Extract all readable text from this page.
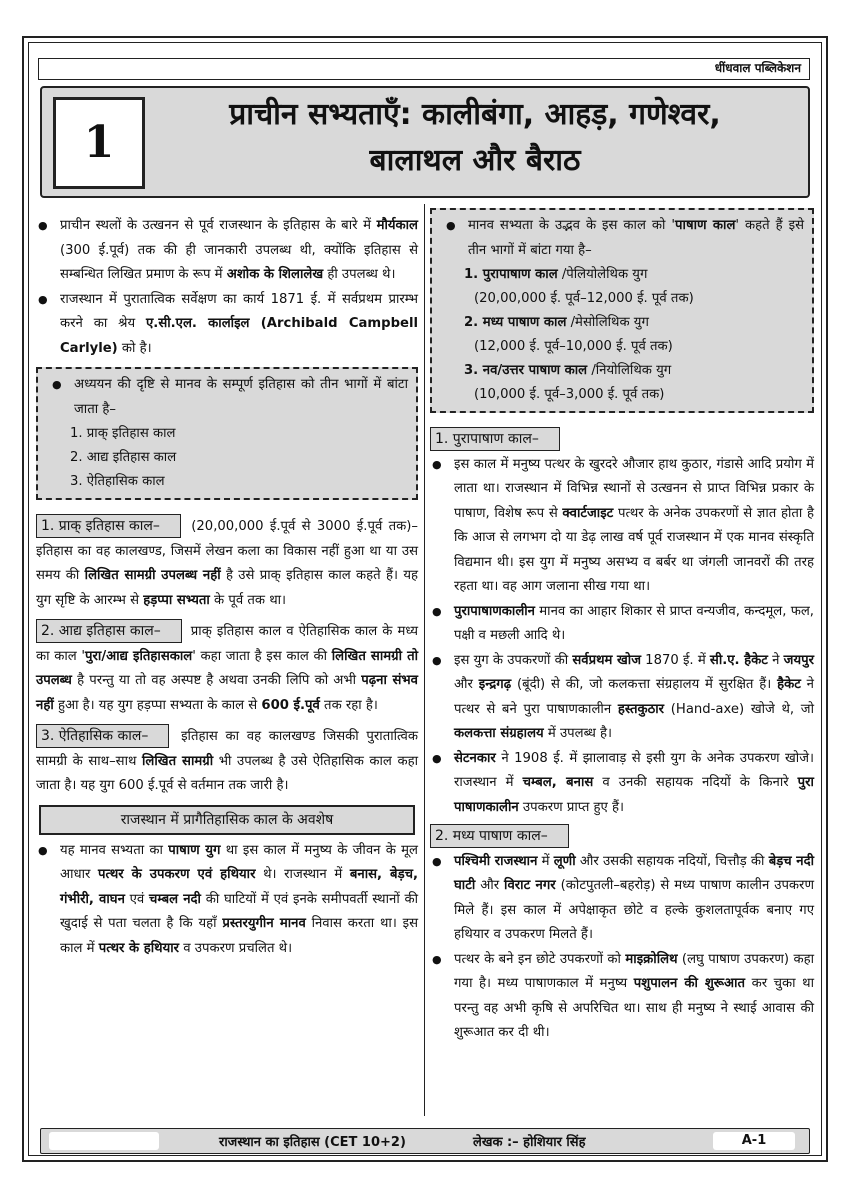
धींधवाल पब्लिकेशन
1
प्राचीन सभ्यताएँ: कालीबंगा, आहड़, गणेश्वर,
बालाथल और बैराठ
● प्राचीन स्थलों के उत्खनन से पूर्व राजस्थान के इतिहास के बारे में मौर्यकाल (300 ई.पूर्व) तक की ही जानकारी उपलब्ध थी, क्योंकि इतिहास से सम्बन्धित लिखित प्रमाण के रूप में अशोक के शिलालेख ही उपलब्ध थे।
● राजस्थान में पुरातात्विक सर्वेक्षण का कार्य 1871 ई. में सर्वप्रथम प्रारम्भ करने का श्रेय ए.सी.एल. कार्लाइल (Archibald Campbell Carlyle) को है।
● अध्ययन की दृष्टि से मानव के सम्पूर्ण इतिहास को तीन भागों में बांटा जाता है–
1. प्राक् इतिहास काल
2. आद्य इतिहास काल
3. ऐतिहासिक काल
1. प्राक् इतिहास काल– (20,00,000 ई.पूर्व से 3000 ई.पूर्व तक)– इतिहास का वह कालखण्ड, जिसमें लेखन कला का विकास नहीं हुआ था या उस समय की लिखित सामग्री उपलब्ध नहीं है उसे प्राक् इतिहास काल कहते हैं। यह युग सृष्टि के आरम्भ से हड़प्पा सभ्यता के पूर्व तक था।
2. आद्य इतिहास काल– प्राक् इतिहास काल व ऐतिहासिक काल के मध्य का काल 'पुरा/आद्य इतिहासकाल' कहा जाता है इस काल की लिखित सामग्री तो उपलब्ध है परन्तु या तो वह अस्पष्ट है अथवा उनकी लिपि को अभी पढ़ना संभव नहीं हुआ है। यह युग हड़प्पा सभ्यता के काल से 600 ई.पूर्व तक रहा है।
3. ऐतिहासिक काल– इतिहास का वह कालखण्ड जिसकी पुरातात्विक सामग्री के साथ–साथ लिखित सामग्री भी उपलब्ध है उसे ऐतिहासिक काल कहा जाता है। यह युग 600 ई.पूर्व से वर्तमान तक जारी है।
राजस्थान में प्रागैतिहासिक काल के अवशेष
● यह मानव सभ्यता का पाषाण युग था इस काल में मनुष्य के जीवन के मूल आधार पत्थर के उपकरण एवं हथियार थे। राजस्थान में बनास, बेड़च, गंभीरी, वाघन एवं चम्बल नदी की घाटियों में एवं इनके समीपवर्ती स्थानों की खुदाई से पता चलता है कि यहाँ प्रस्तरयुगीन मानव निवास करता था। इस काल में पत्थर के हथियार व उपकरण प्रचलित थे।
● मानव सभ्यता के उद्भव के इस काल को 'पाषाण काल' कहते हैं इसे तीन भागों में बांटा गया है–
1. पुरापाषाण काल /पेलियोलेथिक युग
(20,00,000 ई. पूर्व–12,000 ई. पूर्व तक)
2. मध्य पाषाण काल /मेसोलिथिक युग
(12,000 ई. पूर्व–10,000 ई. पूर्व तक)
3. नव/उत्तर पाषाण काल /नियोलिथिक युग
(10,000 ई. पूर्व–3,000 ई. पूर्व तक)
1. पुरापाषाण काल–
● इस काल में मनुष्य पत्थर के खुरदरे औजार हाथ कुठार, गंडासे आदि प्रयोग में लाता था। राजस्थान में विभिन्न स्थानों से उत्खनन से प्राप्त विभिन्न प्रकार के पाषाण, विशेष रूप से क्वार्टजाइट पत्थर के अनेक उपकरणों से ज्ञात होता है कि आज से लगभग दो या डेढ़ लाख वर्ष पूर्व राजस्थान में एक मानव संस्कृति विद्यमान थी। इस युग में मनुष्य असभ्य व बर्बर था जंगली जानवरों की तरह रहता था। वह आग जलाना सीख गया था।
● पुरापाषाणकालीन मानव का आहार शिकार से प्राप्त वन्यजीव, कन्दमूल, फल, पक्षी व मछली आदि थे।
● इस युग के उपकरणों की सर्वप्रथम खोज 1870 ई. में सी.ए. हैकेट ने जयपुर और इन्द्रगढ़ (बूंदी) से की, जो कलकत्ता संग्रहालय में सुरक्षित हैं। हैकेट ने पत्थर से बने पुरा पाषाणकालीन हस्तकुठार (Hand-axe) खोजे थे, जो कलकत्ता संग्रहालय में उपलब्ध है।
● सेटनकार ने 1908 ई. में झालावाड़ से इसी युग के अनेक उपकरण खोजे। राजस्थान में चम्बल, बनास व उनकी सहायक नदियों के किनारे पुरा पाषाणकालीन उपकरण प्राप्त हुए हैं।
2. मध्य पाषाण काल–
● पश्चिमी राजस्थान में लूणी और उसकी सहायक नदियों, चित्तौड़ की बेड़च नदी घाटी और विराट नगर (कोटपुतली–बहरोड़) से मध्य पाषाण कालीन उपकरण मिले हैं। इस काल में अपेक्षाकृत छोटे व हल्के कुशलतापूर्वक बनाए गए हथियार व उपकरण मिलते हैं।
● पत्थर के बने इन छोटे उपकरणों को माइक्रोलिथ (लघु पाषाण उपकरण) कहा गया है। मध्य पाषाणकाल में मनुष्य पशुपालन की शुरूआत कर चुका था परन्तु वह अभी कृषि से अपरिचित था। साथ ही मनुष्य ने स्थाई आवास की शुरूआत कर दी थी।
राजस्थान का इतिहास (CET 10+2)	लेखक :– होशियार सिंह	A-1
